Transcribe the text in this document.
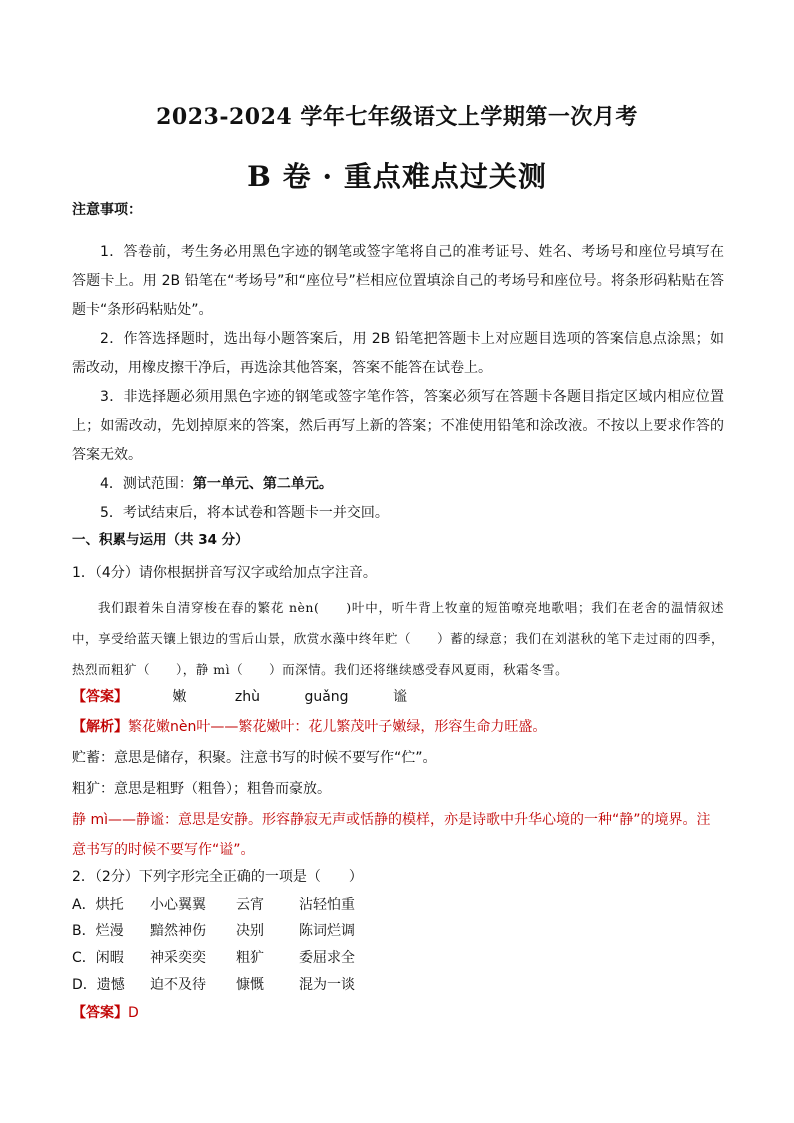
2023-2024 学年七年级语文上学期第一次月考
B 卷 · 重点难点过关测
注意事项：

1．答卷前，考生务必用黑色字迹的钢笔或签字笔将自己的准考证号、姓名、考场号和座位号填写在答题卡上。用 2B 铅笔在“考场号”和“座位号”栏相应位置填涂自己的考场号和座位号。将条形码粘贴在答题卡“条形码粘贴处”。

2．作答选择题时，选出每小题答案后，用 2B 铅笔把答题卡上对应题目选项的答案信息点涂黑；如需改动，用橡皮擦干净后，再选涂其他答案，答案不能答在试卷上。

3．非选择题必须用黑色字迹的钢笔或签字笔作答，答案必须写在答题卡各题目指定区域内相应位置上；如需改动，先划掉原来的答案，然后再写上新的答案；不准使用铅笔和涂改液。不按以上要求作答的答案无效。

4．测试范围：第一单元、第二单元。

5．考试结束后，将本试卷和答题卡一并交回。

一、积累与运用（共 34 分）
1．（4分）请你根据拼音写汉字或给加点字注音。
我们跟着朱自清穿梭在春的繁花 nèn(　　)叶中，听牛背上牧童的短笛嘹亮地歌唱；我们在老舍的温情叙述中，享受给蓝天镶上银边的雪后山景，欣赏水藻中终年贮（　　）蓄的绿意；我们在刘湛秋的笔下走过雨的四季，热烈而粗犷（　　），静 mì（　　）而深情。我们还将继续感受春风夏雨，秋霜冬雪。
【答案】	嫩	zhù	guǎng	谧
【解析】繁花嫩nèn叶——繁花嫩叶：花儿繁茂叶子嫩绿，形容生命力旺盛。
贮蓄：意思是储存，积聚。注意书写的时候不要写作“伫”。
粗犷：意思是粗野（粗鲁）；粗鲁而豪放。
静 mì——静谧：意思是安静。形容静寂无声或恬静的模样，亦是诗歌中升华心境的一种“静”的境界。注意书写的时候不要写作“谥”。
2．（2分）下列字形完全正确的一项是（　　）
A．烘托 小心翼翼 云宵	沾轻怕重
B．烂漫 黯然神伤 决别	陈词烂调
C．闲暇 神采奕奕 粗犷	委屈求全
D．遗憾 迫不及待 慷慨	混为一谈
【答案】D
